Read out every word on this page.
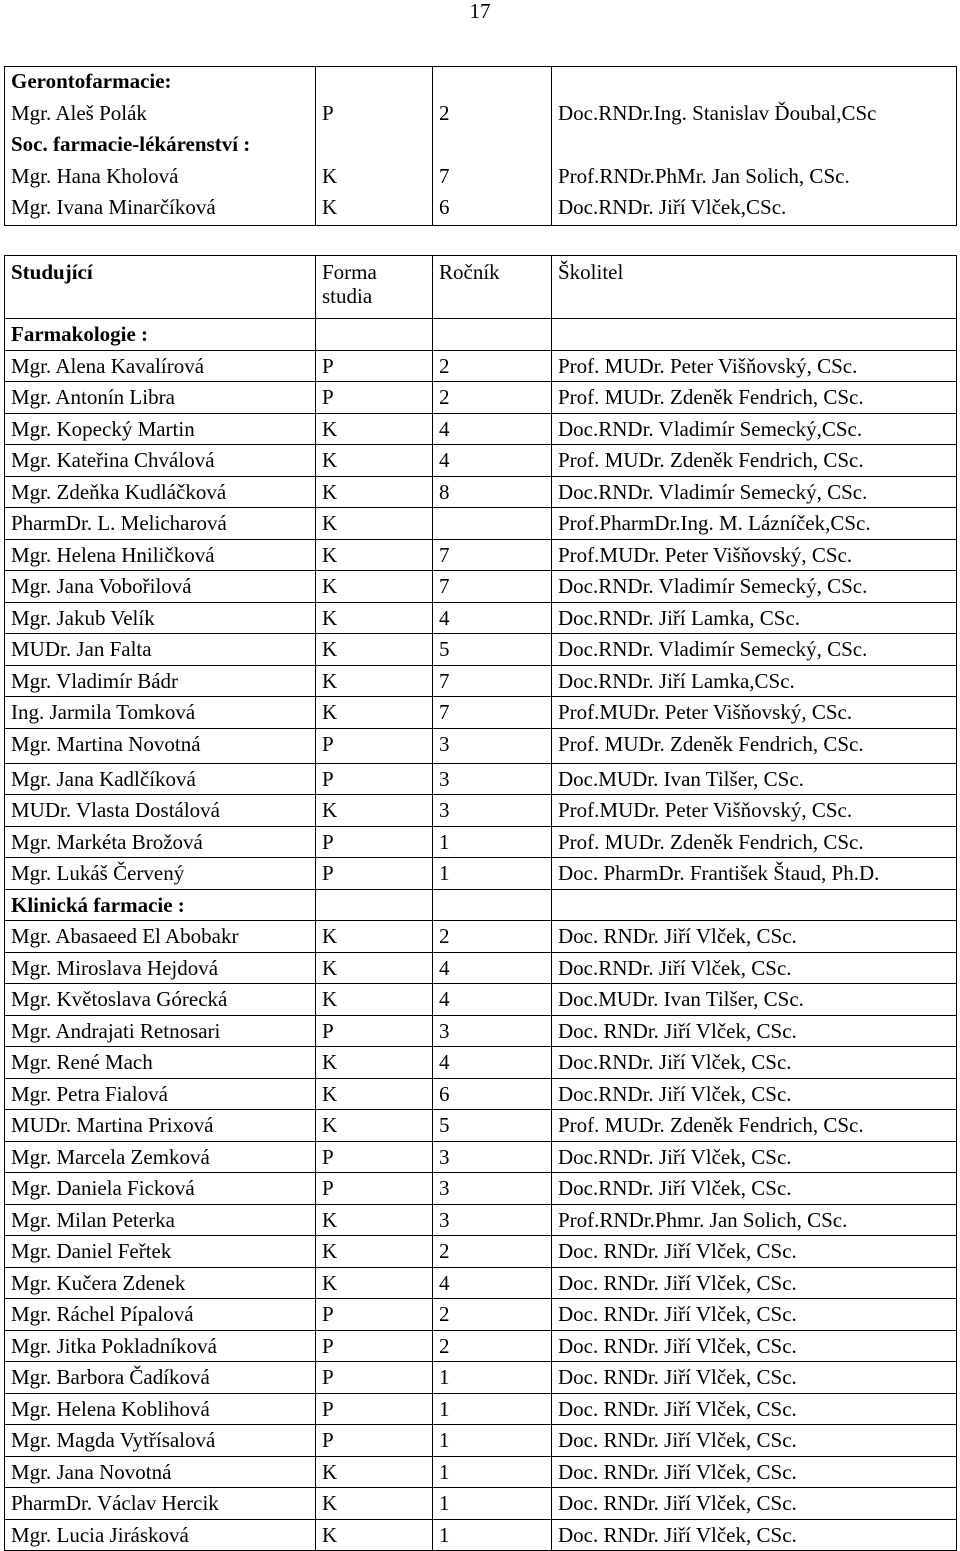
17
Gerontofarmacie:			
Mgr. Aleš Polák	P	2	Doc.RNDr.Ing. Stanislav Ďoubal,CSc
Soc. farmacie-lékárenství :			
Mgr. Hana Kholová	K	7	Prof.RNDr.PhMr. Jan Solich, CSc.
Mgr. Ivana Minarčíková	K	6	Doc.RNDr. Jiří Vlček,CSc.
Studující	Forma studia	Ročník	Školitel
Farmakologie :			
Mgr. Alena Kavalírová	P	2	Prof. MUDr. Peter Višňovský, CSc.
Mgr. Antonín Libra	P	2	Prof. MUDr. Zdeněk Fendrich, CSc.
Mgr. Kopecký Martin	K	4	Doc.RNDr. Vladimír Semecký,CSc.
Mgr. Kateřina Chválová	K	4	Prof. MUDr. Zdeněk Fendrich, CSc.
Mgr. Zdeňka Kudláčková	K	8	Doc.RNDr. Vladimír Semecký, CSc.
PharmDr. L. Melicharová	K		Prof.PharmDr.Ing. M. Lázníček,CSc.
Mgr. Helena Hniličková	K	7	Prof.MUDr. Peter Višňovský, CSc.
Mgr. Jana Vobořilová	K	7	Doc.RNDr. Vladimír Semecký, CSc.
Mgr. Jakub Velík	K	4	Doc.RNDr. Jiří Lamka, CSc.
MUDr. Jan Falta	K	5	Doc.RNDr. Vladimír Semecký, CSc.
Mgr. Vladimír Bádr	K	7	Doc.RNDr. Jiří Lamka,CSc.
Ing. Jarmila Tomková	K	7	Prof.MUDr. Peter Višňovský, CSc.
Mgr. Martina Novotná	P	3	Prof. MUDr. Zdeněk Fendrich, CSc.
Mgr. Jana Kadlčíková	P	3	Doc.MUDr. Ivan Tilšer, CSc.
MUDr. Vlasta Dostálová	K	3	Prof.MUDr. Peter Višňovský, CSc.
Mgr. Markéta Brožová	P	1	Prof. MUDr. Zdeněk Fendrich, CSc.
Mgr. Lukáš Červený	P	1	Doc. PharmDr. František Štaud, Ph.D.
Klinická farmacie :			
Mgr. Abasaeed El Abobakr	K	2	Doc. RNDr. Jiří Vlček, CSc.
Mgr. Miroslava Hejdová	K	4	Doc.RNDr. Jiří Vlček, CSc.
Mgr. Květoslava Górecká	K	4	Doc.MUDr. Ivan Tilšer, CSc.
Mgr. Andrajati Retnosari	P	3	Doc. RNDr. Jiří Vlček, CSc.
Mgr. René Mach	K	4	Doc.RNDr. Jiří Vlček, CSc.
Mgr. Petra Fialová	K	6	Doc.RNDr. Jiří Vlček, CSc.
MUDr. Martina Prixová	K	5	Prof. MUDr. Zdeněk Fendrich, CSc.
Mgr. Marcela Zemková	P	3	Doc.RNDr. Jiří Vlček, CSc.
Mgr. Daniela Ficková	P	3	Doc.RNDr. Jiří Vlček, CSc.
Mgr. Milan Peterka	K	3	Prof.RNDr.Phmr. Jan Solich, CSc.
Mgr. Daniel Feřtek	K	2	Doc. RNDr. Jiří Vlček, CSc.
Mgr. Kučera Zdenek	K	4	Doc. RNDr. Jiří Vlček, CSc.
Mgr. Ráchel Pípalová	P	2	Doc. RNDr. Jiří Vlček, CSc.
Mgr. Jitka Pokladníková	P	2	Doc. RNDr. Jiří Vlček, CSc.
Mgr. Barbora Čadíková	P	1	Doc. RNDr. Jiří Vlček, CSc.
Mgr. Helena Koblihová	P	1	Doc. RNDr. Jiří Vlček, CSc.
Mgr. Magda Vytřísalová	P	1	Doc. RNDr. Jiří Vlček, CSc.
Mgr. Jana Novotná	K	1	Doc. RNDr. Jiří Vlček, CSc.
PharmDr. Václav Hercik	K	1	Doc. RNDr. Jiří Vlček, CSc.
Mgr. Lucia Jirásková	K	1	Doc. RNDr. Jiří Vlček, CSc.
